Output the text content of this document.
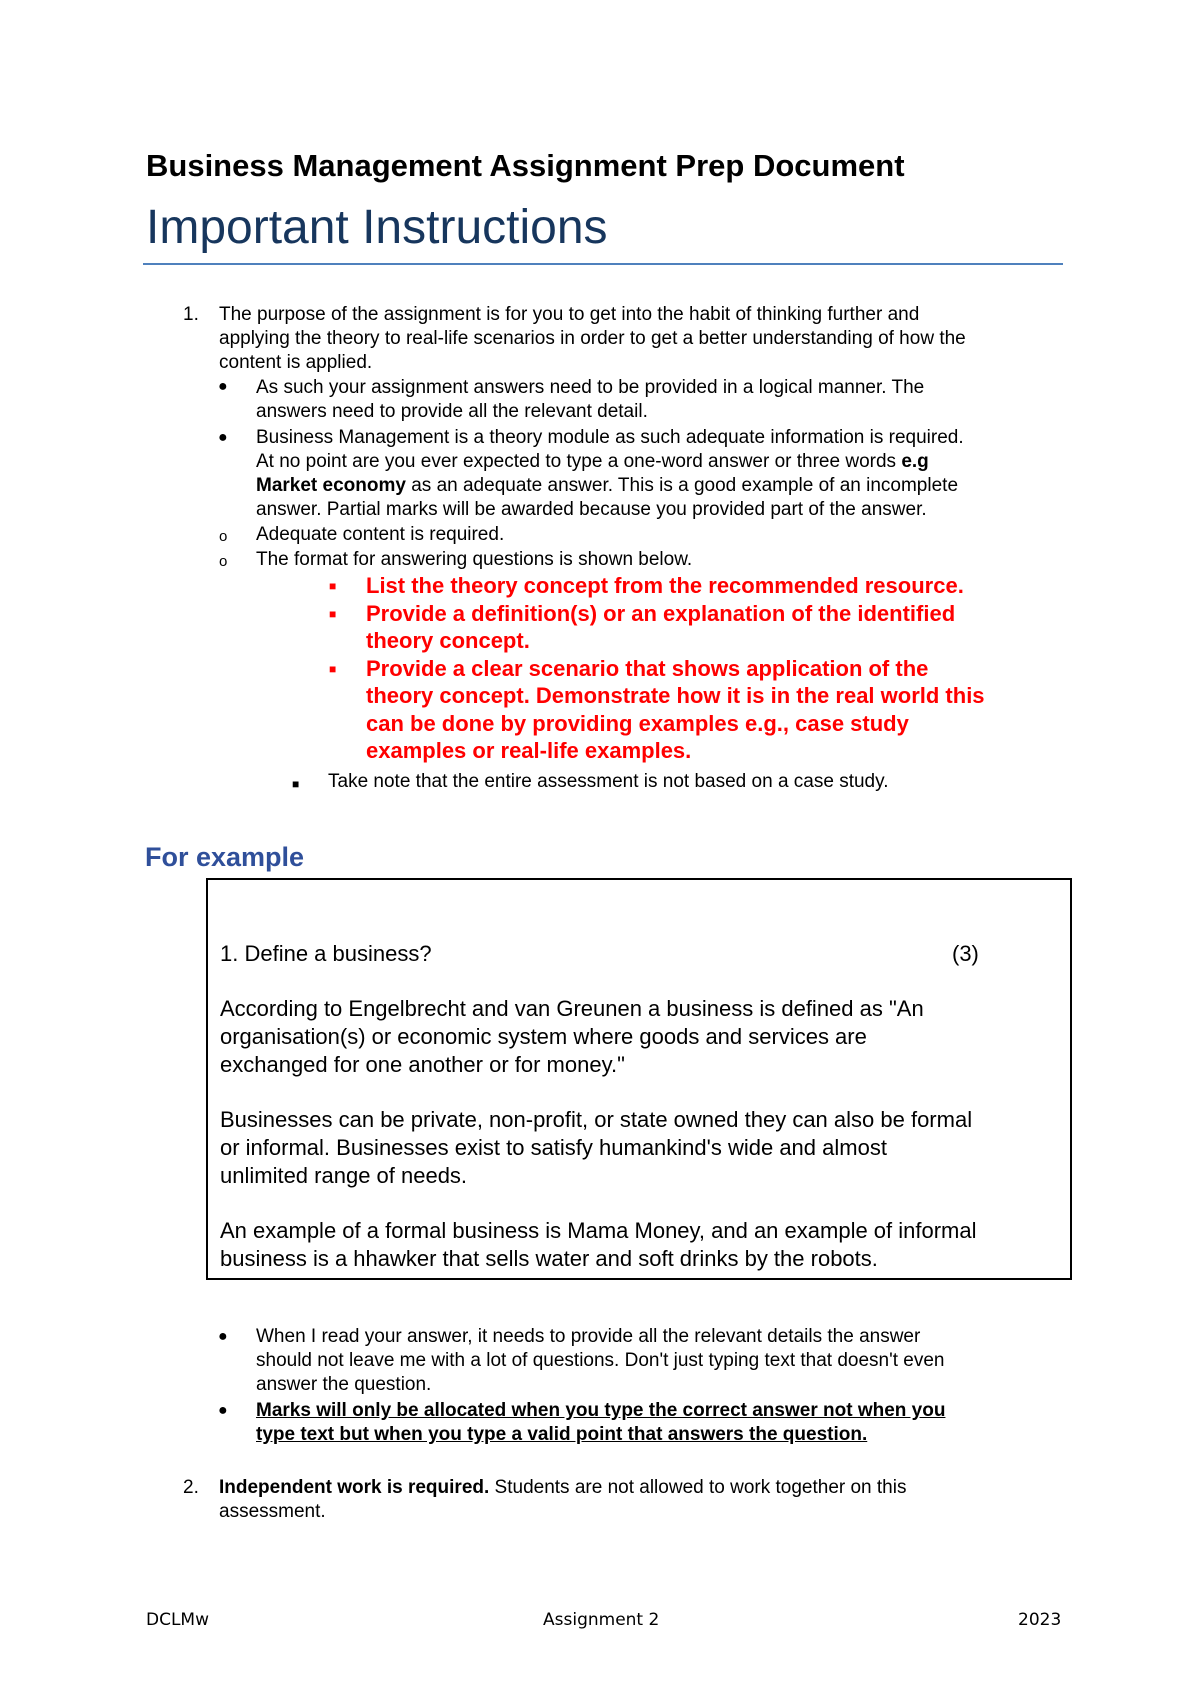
Business Management Assignment Prep Document
Important Instructions
1. The purpose of the assignment is for you to get into the habit of thinking further and
applying the theory to real-life scenarios in order to get a better understanding of how the
content is applied.
● As such your assignment answers need to be provided in a logical manner. The
answers need to provide all the relevant detail.
● Business Management is a theory module as such adequate information is required.
At no point are you ever expected to type a one-word answer or three words e.g
Market economy as an adequate answer. This is a good example of an incomplete
answer. Partial marks will be awarded because you provided part of the answer.
o Adequate content is required.
o The format for answering questions is shown below.
■ List the theory concept from the recommended resource.
■ Provide a definition(s) or an explanation of the identified
theory concept.
■ Provide a clear scenario that shows application of the
theory concept. Demonstrate how it is in the real world this
can be done by providing examples e.g., case study
examples or real-life examples.
■ Take note that the entire assessment is not based on a case study.
For example
1. Define a business?	(3)
According to Engelbrecht and van Greunen a business is defined as "An
organisation(s) or economic system where goods and services are
exchanged for one another or for money."
Businesses can be private, non-profit, or state owned they can also be formal
or informal. Businesses exist to satisfy humankind's wide and almost
unlimited range of needs.
An example of a formal business is Mama Money, and an example of informal
business is a hhawker that sells water and soft drinks by the robots.
● When I read your answer, it needs to provide all the relevant details the answer
should not leave me with a lot of questions. Don't just typing text that doesn't even
answer the question.
● Marks will only be allocated when you type the correct answer not when you
type text but when you type a valid point that answers the question.
2. Independent work is required. Students are not allowed to work together on this
assessment.
DCLMw	Assignment 2	2023
